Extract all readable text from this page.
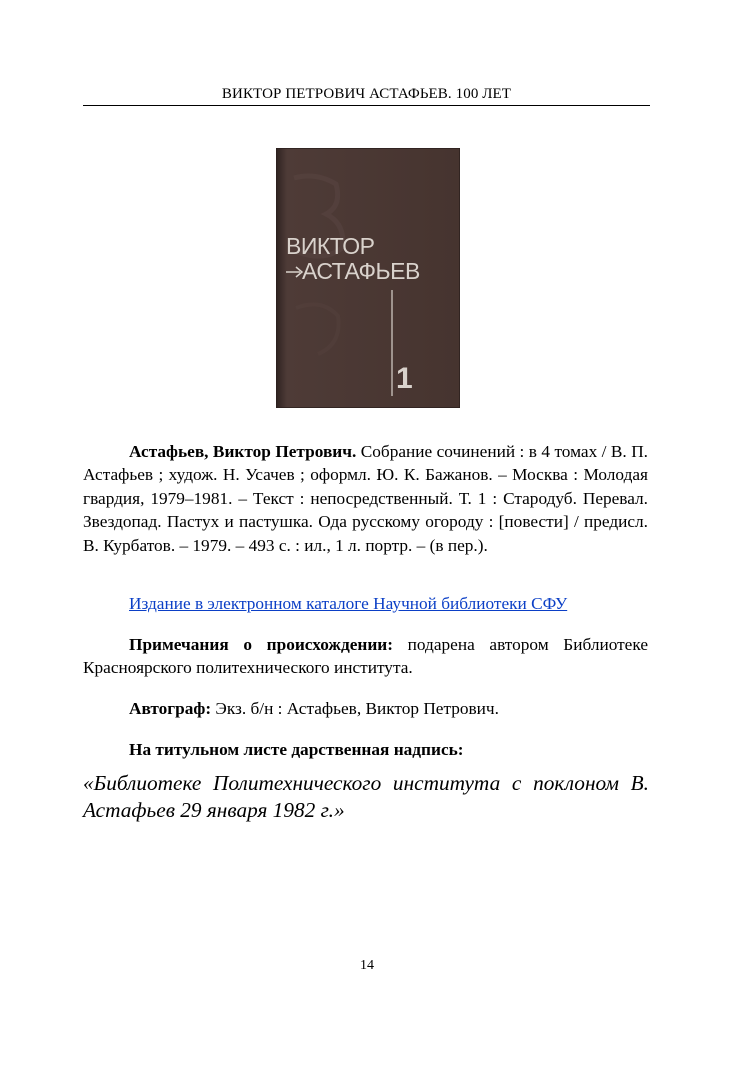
ВИКТОР ПЕТРОВИЧ АСТАФЬЕВ. 100 ЛЕТ
ВИКТОР
АСТАФЬЕВ
1
Астафьев, Виктор Петрович. Собрание сочинений : в 4 томах / В. П. Астафьев ; худож. Н. Усачев ; оформл. Ю. К. Бажанов. – Москва : Молодая гвардия, 1979–1981. – Текст : непосредственный. Т. 1 : Стародуб. Перевал. Звездопад. Пастух и пастушка. Ода русскому огороду : [повести] / предисл. В. Курбатов. – 1979. – 493 с. : ил., 1 л. портр. – (в пер.).
Издание в электронном каталоге Научной библиотеки СФУ
Примечания о происхождении: подарена автором Библиотеке Красноярского политехнического института.
Автограф: Экз. б/н : Астафьев, Виктор Петрович.
На титульном листе дарственная надпись:
«Библиотеке Политехнического института с поклоном В. Астафьев 29 января 1982 г.»
14
